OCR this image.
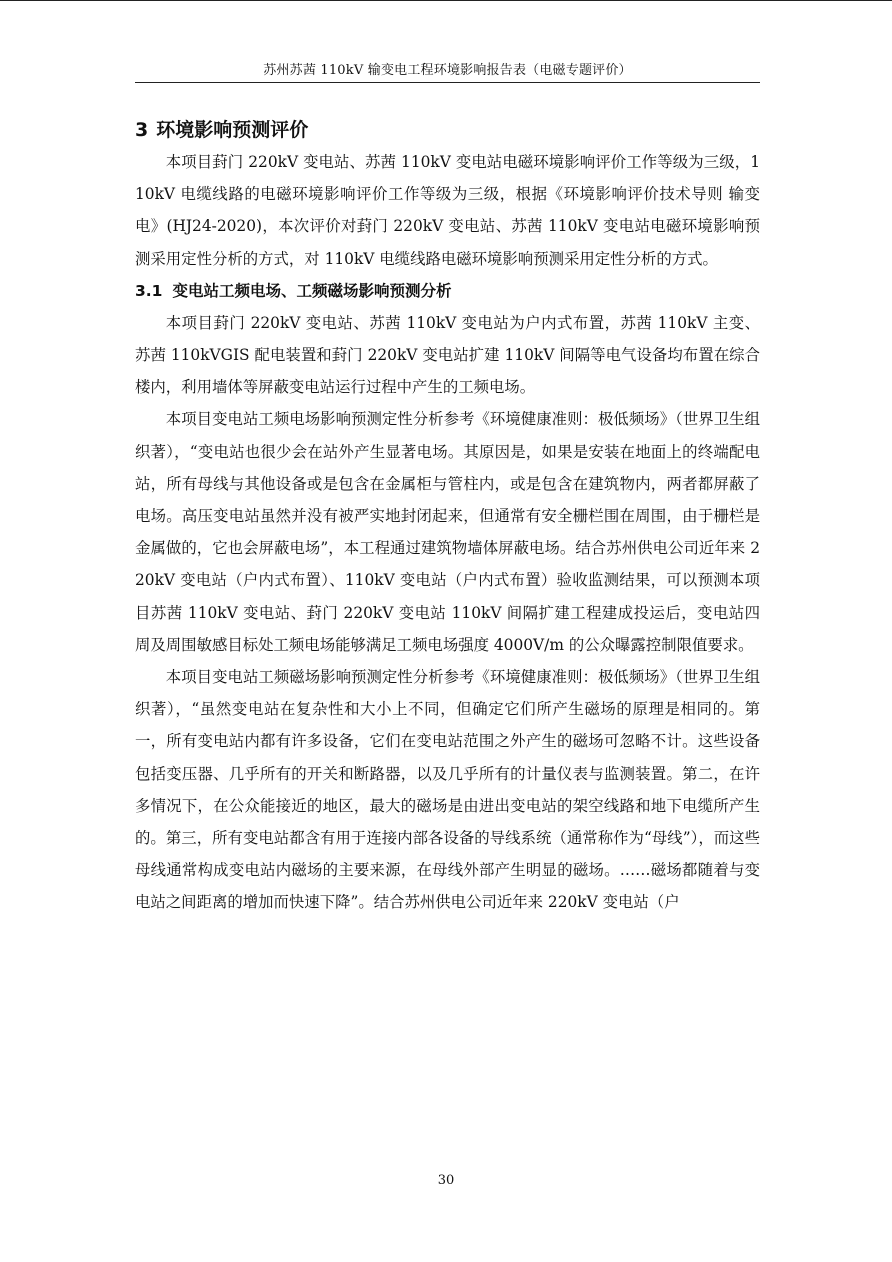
苏州苏茜 110kV 输变电工程环境影响报告表（电磁专题评价）
3 环境影响预测评价

本项目葑门 220kV 变电站、苏茜 110kV 变电站电磁环境影响评价工作等级为三级，110kV 电缆线路的电磁环境影响评价工作等级为三级，根据《环境影响评价技术导则 输变电》(HJ24-2020)，本次评价对葑门 220kV 变电站、苏茜 110kV 变电站电磁环境影响预测采用定性分析的方式，对 110kV 电缆线路电磁环境影响预测采用定性分析的方式。

3.1 变电站工频电场、工频磁场影响预测分析

本项目葑门 220kV 变电站、苏茜 110kV 变电站为户内式布置，苏茜 110kV 主变、苏茜 110kVGIS 配电装置和葑门 220kV 变电站扩建 110kV 间隔等电气设备均布置在综合楼内，利用墙体等屏蔽变电站运行过程中产生的工频电场。

本项目变电站工频电场影响预测定性分析参考《环境健康准则：极低频场》（世界卫生组织著），“变电站也很少会在站外产生显著电场。其原因是，如果是安装在地面上的终端配电站，所有母线与其他设备或是包含在金属柜与管柱内，或是包含在建筑物内，两者都屏蔽了电场。高压变电站虽然并没有被严实地封闭起来，但通常有安全栅栏围在周围，由于栅栏是金属做的，它也会屏蔽电场”，本工程通过建筑物墙体屏蔽电场。结合苏州供电公司近年来 220kV 变电站（户内式布置）、110kV 变电站（户内式布置）验收监测结果，可以预测本项目苏茜 110kV 变电站、葑门 220kV 变电站 110kV 间隔扩建工程建成投运后，变电站四周及周围敏感目标处工频电场能够满足工频电场强度 4000V/m 的公众曝露控制限值要求。

本项目变电站工频磁场影响预测定性分析参考《环境健康准则：极低频场》（世界卫生组织著），“虽然变电站在复杂性和大小上不同，但确定它们所产生磁场的原理是相同的。第一，所有变电站内都有许多设备，它们在变电站范围之外产生的磁场可忽略不计。这些设备包括变压器、几乎所有的开关和断路器，以及几乎所有的计量仪表与监测装置。第二，在许多情况下，在公众能接近的地区，最大的磁场是由进出变电站的架空线路和地下电缆所产生的。第三，所有变电站都含有用于连接内部各设备的导线系统（通常称作为“母线”），而这些母线通常构成变电站内磁场的主要来源，在母线外部产生明显的磁场。……磁场都随着与变电站之间距离的增加而快速下降”。结合苏州供电公司近年来 220kV 变电站（户

30
